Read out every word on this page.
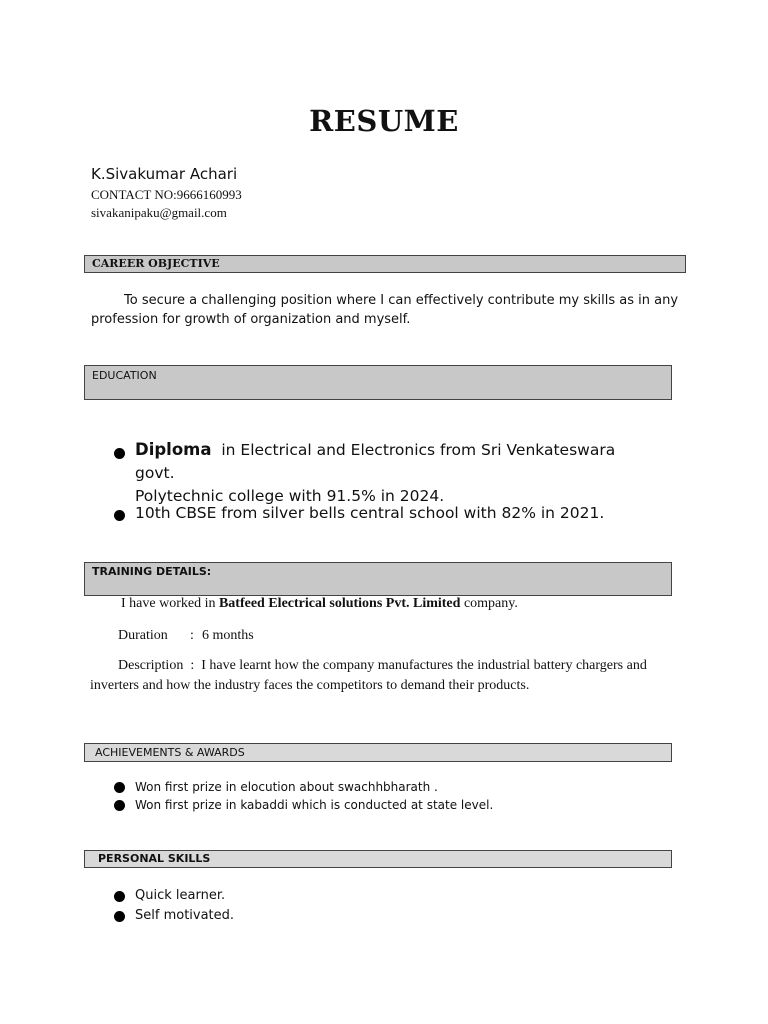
RESUME
K.Sivakumar Achari
CONTACT NO:9666160993
sivakanipaku@gmail.com
CAREER OBJECTIVE
To secure a challenging position where I can effectively contribute my skills as in any profession for growth of organization and myself.
EDUCATION
Diploma in Electrical and Electronics from Sri Venkateswara govt.
Polytechnic college with 91.5% in 2024.
10th CBSE from silver bells central school with 82% in 2021.
TRAINING DETAILS:
I have worked in Batfeed Electrical solutions Pvt. Limited company.
Duration : 6 months
Description  :  I have learnt how the company manufactures the industrial battery chargers and inverters and how the industry faces the competitors to demand their products.
ACHIEVEMENTS & AWARDS
Won first prize in elocution about swachhbharath .
Won first prize in kabaddi which is conducted at state level.
PERSONAL SKILLS
Quick learner.
Self motivated.
